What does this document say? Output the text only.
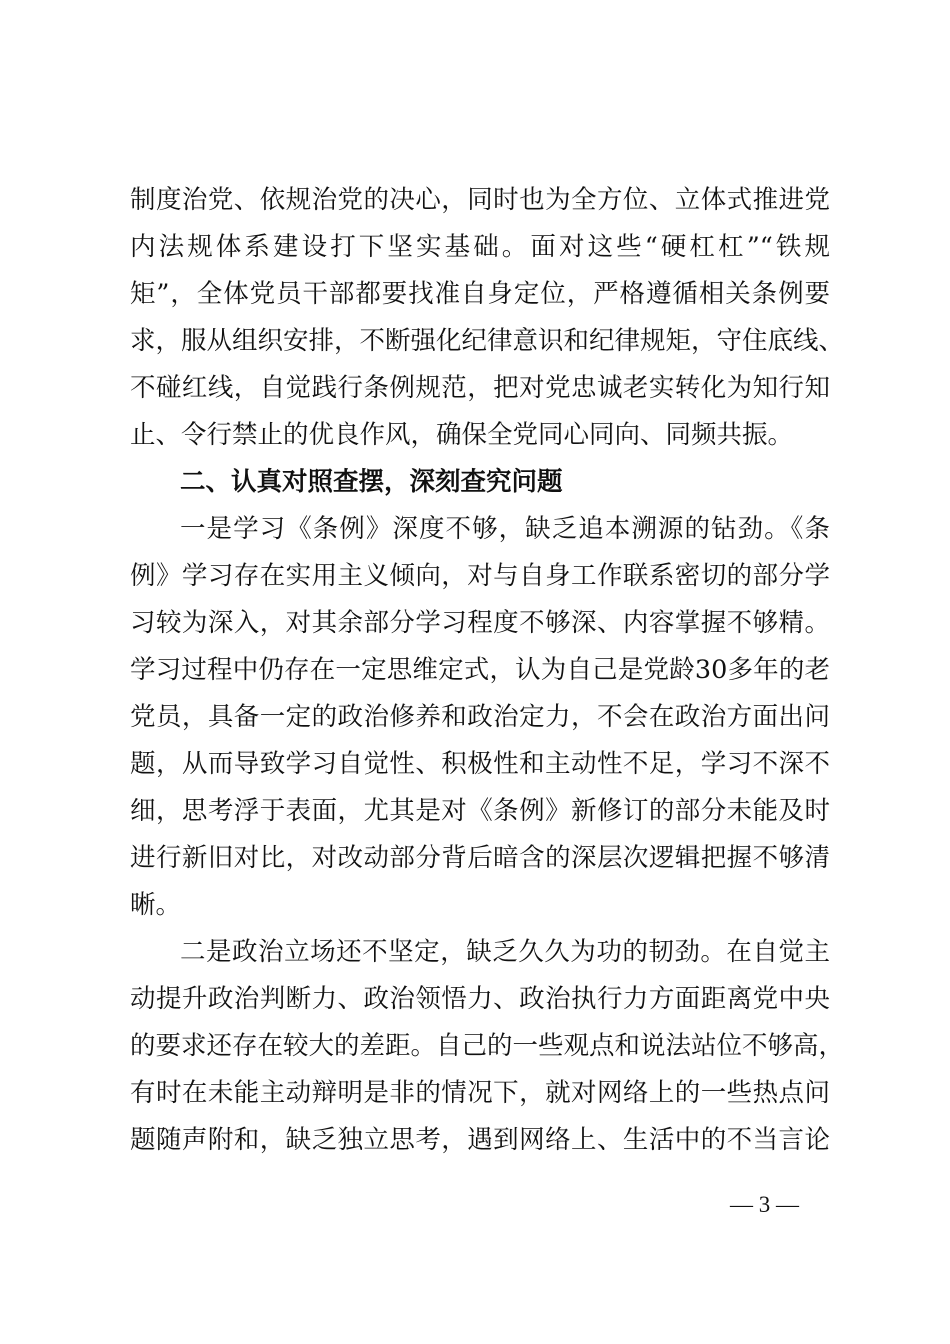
制度治党、依规治党的决心，同时也为全方位、立体式推进党
内法规体系建设打下坚实基础。面对这些“硬杠杠”“铁规
矩”，全体党员干部都要找准自身定位，严格遵循相关条例要
求，服从组织安排，不断强化纪律意识和纪律规矩，守住底线、
不碰红线，自觉践行条例规范，把对党忠诚老实转化为知行知
止、令行禁止的优良作风，确保全党同心同向、同频共振。
二、认真对照查摆，深刻查究问题
一是学习《条例》深度不够，缺乏追本溯源的钻劲。《条
例》学习存在实用主义倾向，对与自身工作联系密切的部分学
习较为深入，对其余部分学习程度不够深、内容掌握不够精。
学习过程中仍存在一定思维定式，认为自己是党龄30多年的老
党员，具备一定的政治修养和政治定力，不会在政治方面出问
题，从而导致学习自觉性、积极性和主动性不足，学习不深不
细，思考浮于表面，尤其是对《条例》新修订的部分未能及时
进行新旧对比，对改动部分背后暗含的深层次逻辑把握不够清
晰。
二是政治立场还不坚定，缺乏久久为功的韧劲。在自觉主
动提升政治判断力、政治领悟力、政治执行力方面距离党中央
的要求还存在较大的差距。自己的一些观点和说法站位不够高，
有时在未能主动辩明是非的情况下，就对网络上的一些热点问
题随声附和，缺乏独立思考，遇到网络上、生活中的不当言论
— 3 —
